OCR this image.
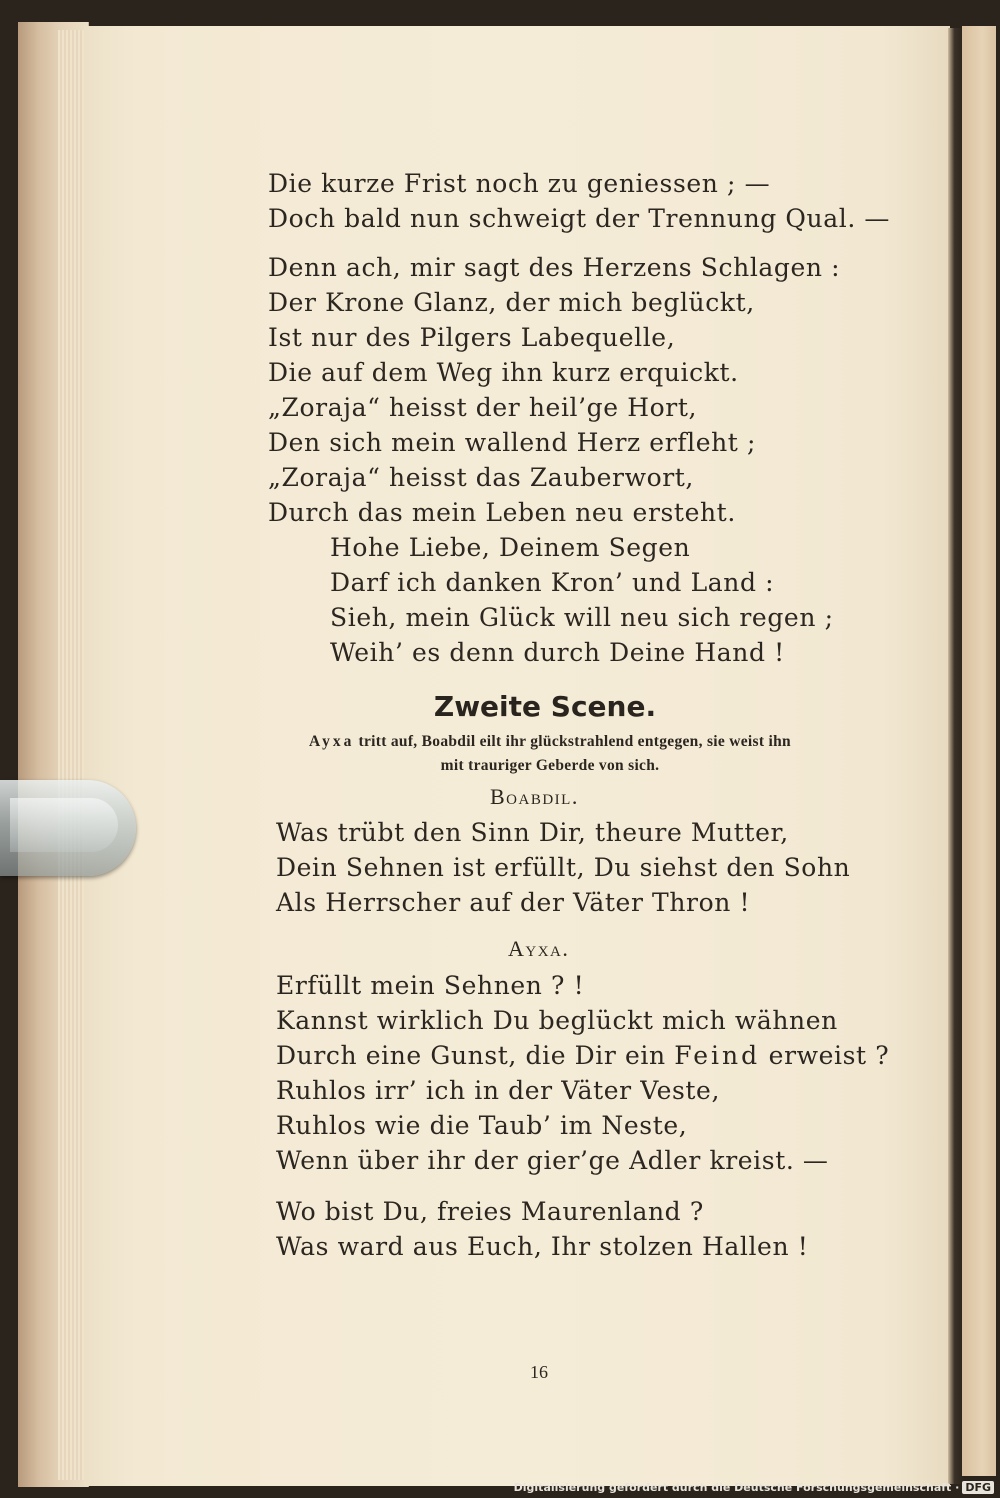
Die kurze Frist noch zu geniessen ; —
Doch bald nun schweigt der Trennung Qual. —
Denn ach, mir sagt des Herzens Schlagen :
Der Krone Glanz, der mich beglückt,
Ist nur des Pilgers Labequelle,
Die auf dem Weg ihn kurz erquickt.
„Zoraja“ heisst der heil’ge Hort,
Den sich mein wallend Herz erfleht ;
„Zoraja“ heisst das Zauberwort,
Durch das mein Leben neu ersteht.
Hohe Liebe, Deinem Segen
Darf ich danken Kron’ und Land :
Sieh, mein Glück will neu sich regen ;
Weih’ es denn durch Deine Hand !
Zweite Scene.
Ayxa tritt auf, Boabdil eilt ihr glückstrahlend entgegen, sie weist ihn
mit trauriger Geberde von sich.
Boabdil.
Was trübt den Sinn Dir, theure Mutter,
Dein Sehnen ist erfüllt, Du siehst den Sohn
Als Herrscher auf der Väter Thron !
Ayxa.
Erfüllt mein Sehnen ? !
Kannst wirklich Du beglückt mich wähnen
Durch eine Gunst, die Dir ein Feind erweist ?
Ruhlos irr’ ich in der Väter Veste,
Ruhlos wie die Taub’ im Neste,
Wenn über ihr der gier’ge Adler kreist. —
Wo bist Du, freies Maurenland ?
Was ward aus Euch, Ihr stolzen Hallen !
16
Digitalisierung gefördert durch die Deutsche Forschungsgemeinschaft · DFG
